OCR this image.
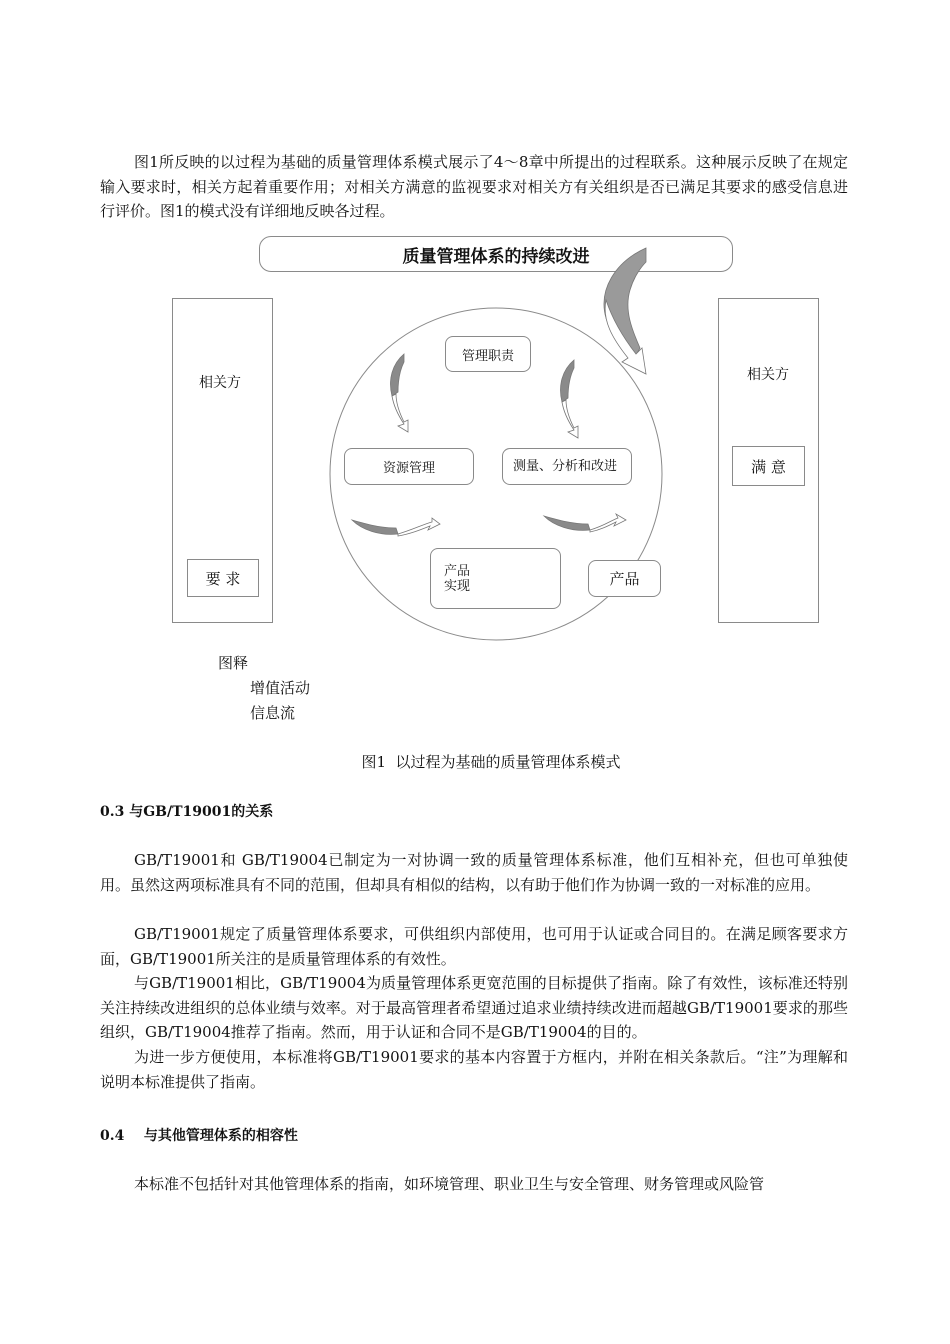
图1所反映的以过程为基础的质量管理体系模式展示了4～8章中所提出的过程联系。这种展示反映了在规定输入要求时，相关方起着重要作用；对相关方满意的监视要求对相关方有关组织是否已满足其要求的感受信息进行评价。图1的模式没有详细地反映各过程。

质量管理体系的持续改进
相关方
要 求
相关方
满 意
管理职责
资源管理	测量、分析和改进
产品
实现	产品
图释
增值活动
信息流
图1  以过程为基础的质量管理体系模式

0.3 与GB/T19001的关系

GB/T19001和 GB/T19004已制定为一对协调一致的质量管理体系标准，他们互相补充，但也可单独使用。虽然这两项标准具有不同的范围，但却具有相似的结构，以有助于他们作为协调一致的一对标准的应用。

GB/T19001规定了质量管理体系要求，可供组织内部使用，也可用于认证或合同目的。在满足顾客要求方面，GB/T19001所关注的是质量管理体系的有效性。

与GB/T19001相比，GB/T19004为质量管理体系更宽范围的目标提供了指南。除了有效性，该标准还特别关注持续改进组织的总体业绩与效率。对于最高管理者希望通过追求业绩持续改进而超越GB/T19001要求的那些组织，GB/T19004推荐了指南。然而，用于认证和合同不是GB/T19004的目的。

为进一步方便使用，本标准将GB/T19001要求的基本内容置于方框内，并附在相关条款后。“注”为理解和说明本标准提供了指南。

0.4    与其他管理体系的相容性

本标准不包括针对其他管理体系的指南，如环境管理、职业卫生与安全管理、财务管理或风险管
